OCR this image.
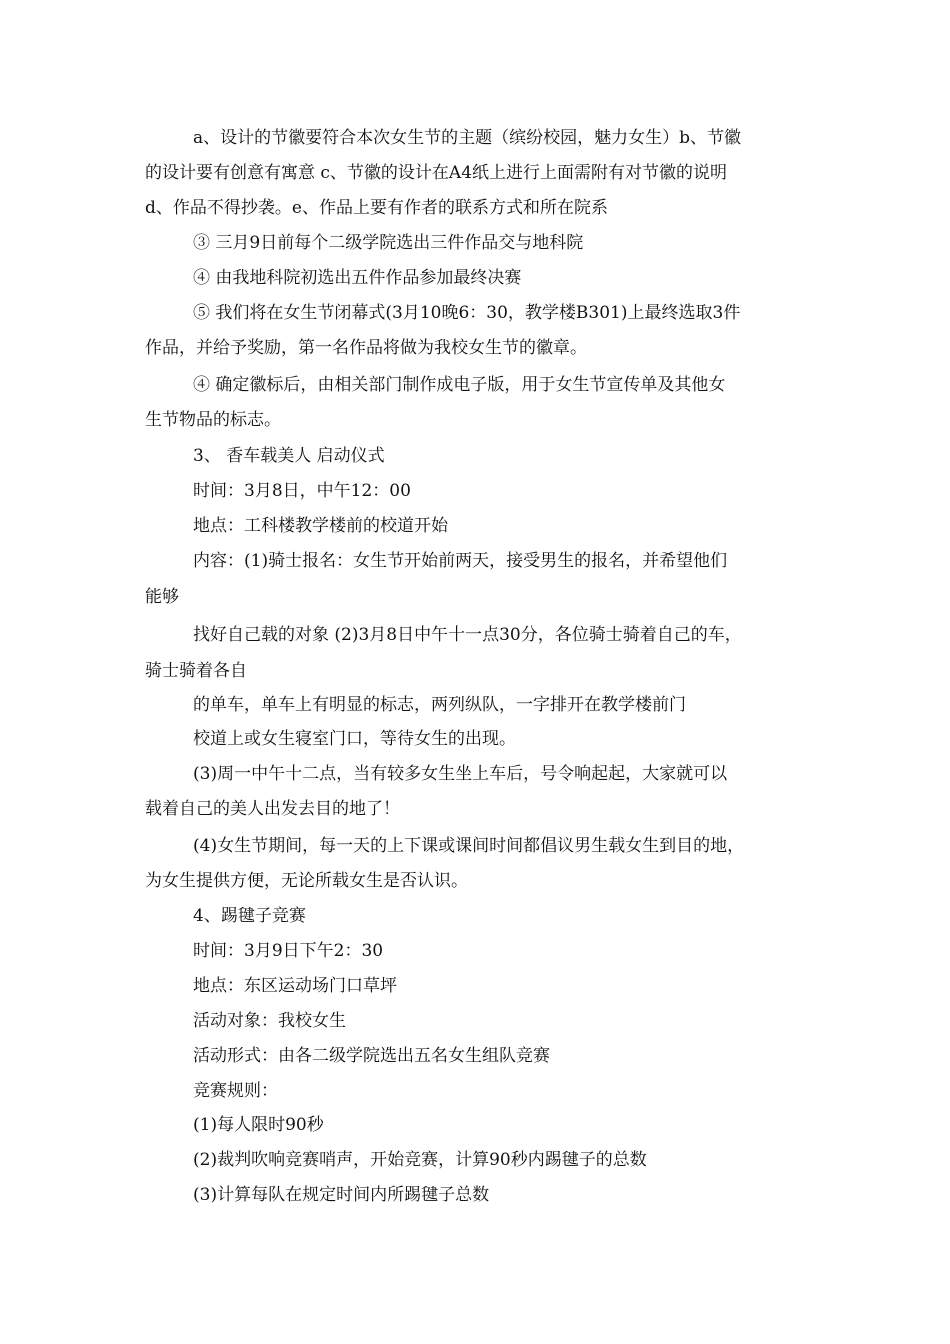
a、设计的节徽要符合本次女生节的主题（缤纷校园，魅力女生）b、节徽
的设计要有创意有寓意 c、节徽的设计在A4纸上进行上面需附有对节徽的说明
d、作品不得抄袭。e、作品上要有作者的联系方式和所在院系
③ 三月9日前每个二级学院选出三件作品交与地科院
④ 由我地科院初选出五件作品参加最终决赛
⑤ 我们将在女生节闭幕式(3月10晚6：30，教学楼B301)上最终选取3件
作品，并给予奖励，第一名作品将做为我校女生节的徽章。
④ 确定徽标后，由相关部门制作成电子版，用于女生节宣传单及其他女
生节物品的标志。
3、 香车载美人 启动仪式
时间：3月8日，中午12：00
地点：工科楼教学楼前的校道开始
内容：(1)骑士报名：女生节开始前两天，接受男生的报名，并希望他们
能够
找好自己载的对象 (2)3月8日中午十一点30分，各位骑士骑着自己的车，
骑士骑着各自
的单车，单车上有明显的标志，两列纵队，一字排开在教学楼前门
校道上或女生寝室门口，等待女生的出现。
(3)周一中午十二点，当有较多女生坐上车后，号令响起起，大家就可以
载着自己的美人出发去目的地了！
(4)女生节期间，每一天的上下课或课间时间都倡议男生载女生到目的地，
为女生提供方便，无论所载女生是否认识。
4、踢毽子竞赛
时间：3月9日下午2：30
地点：东区运动场门口草坪
活动对象：我校女生
活动形式：由各二级学院选出五名女生组队竞赛
竞赛规则：
(1)每人限时90秒
(2)裁判吹响竞赛哨声，开始竞赛，计算90秒内踢毽子的总数
(3)计算每队在规定时间内所踢毽子总数
